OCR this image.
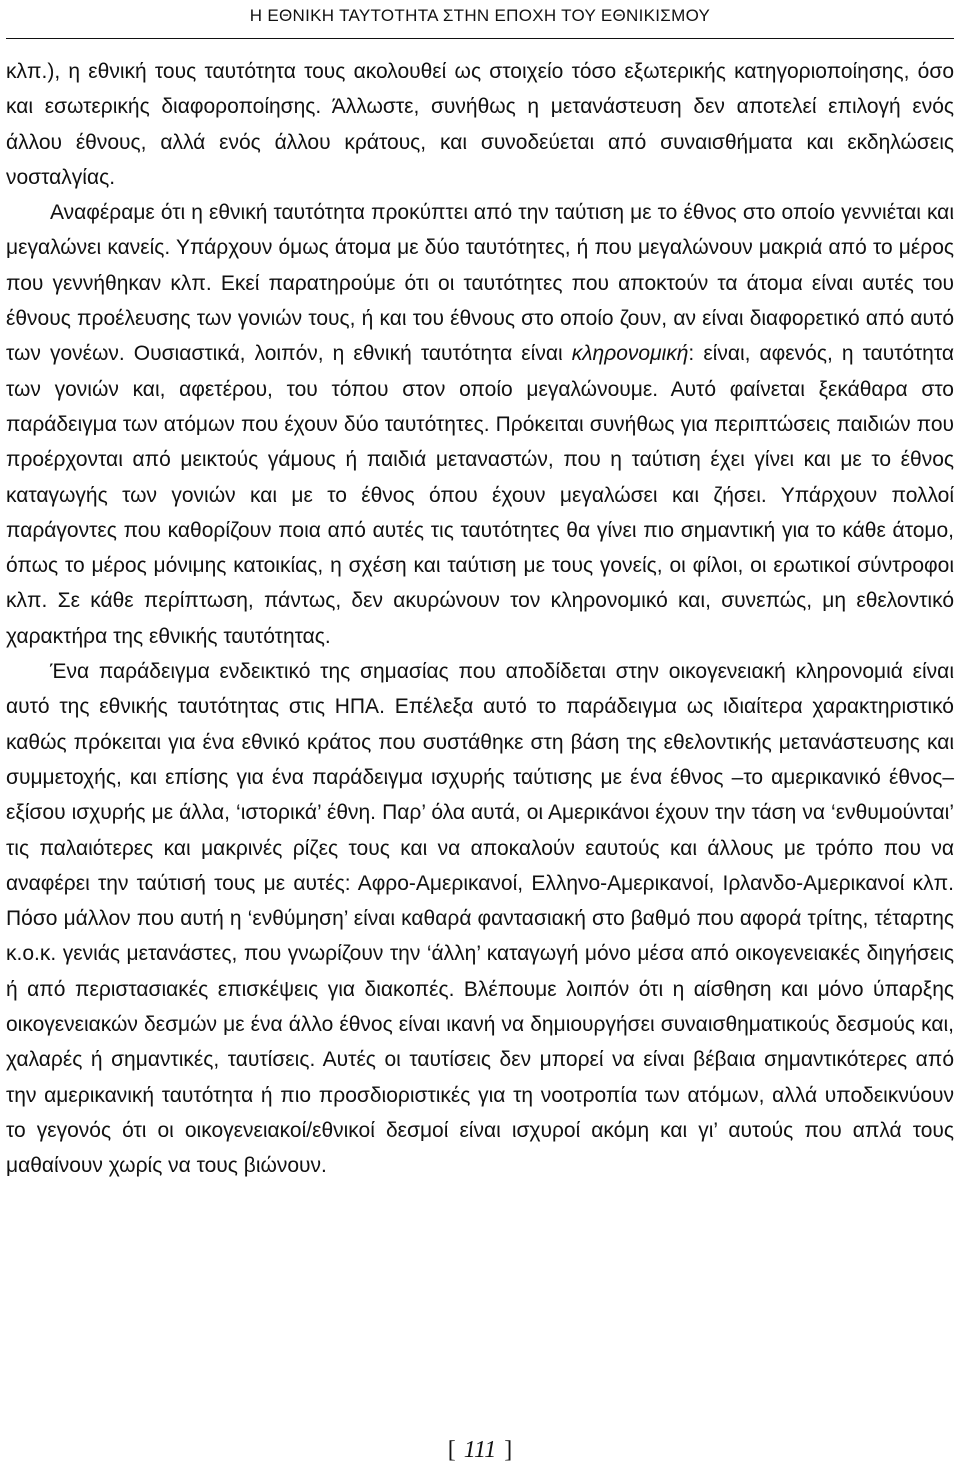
Η ΕΘΝΙΚΗ ΤΑΥΤΟΤΗΤΑ ΣΤΗΝ ΕΠΟΧΗ ΤΟΥ ΕΘΝΙΚΙΣΜΟΥ

κλπ.), η εθνική τους ταυτότητα τους ακολουθεί ως στοιχείο τόσο εξωτερικής κατηγοριοποίησης, όσο και εσωτερικής διαφοροποίησης. Άλλωστε, συνήθως η μετανάστευση δεν αποτελεί επιλογή ενός άλλου έθνους, αλλά ενός άλλου κράτους, και συνοδεύεται από συναισθήματα και εκδηλώσεις νοσταλγίας.

Αναφέραμε ότι η εθνική ταυτότητα προκύπτει από την ταύτιση με το έθνος στο οποίο γεννιέται και μεγαλώνει κανείς. Υπάρχουν όμως άτομα με δύο ταυτότητες, ή που μεγαλώνουν μακριά από το μέρος που γεννήθηκαν κλπ. Εκεί παρατηρούμε ότι οι ταυτότητες που αποκτούν τα άτομα είναι αυτές του έθνους προέλευσης των γονιών τους, ή και του έθνους στο οποίο ζουν, αν είναι διαφορετικό από αυτό των γονέων. Ουσιαστικά, λοιπόν, η εθνική ταυτότητα είναι κληρονομική: είναι, αφενός, η ταυτότητα των γονιών και, αφετέρου, του τόπου στον οποίο μεγαλώνουμε. Αυτό φαίνεται ξεκάθαρα στο παράδειγμα των ατόμων που έχουν δύο ταυτότητες. Πρόκειται συνήθως για περιπτώσεις παιδιών που προέρχονται από μεικτούς γάμους ή παιδιά μεταναστών, που η ταύτιση έχει γίνει και με το έθνος καταγωγής των γονιών και με το έθνος όπου έχουν μεγαλώσει και ζήσει. Υπάρχουν πολλοί παράγοντες που καθορίζουν ποια από αυτές τις ταυτότητες θα γίνει πιο σημαντική για το κάθε άτομο, όπως το μέρος μόνιμης κατοικίας, η σχέση και ταύτιση με τους γονείς, οι φίλοι, οι ερωτικοί σύντροφοι κλπ. Σε κάθε περίπτωση, πάντως, δεν ακυρώνουν τον κληρονομικό και, συνεπώς, μη εθελοντικό χαρακτήρα της εθνικής ταυτότητας.

Ένα παράδειγμα ενδεικτικό της σημασίας που αποδίδεται στην οικογενειακή κληρονομιά είναι αυτό της εθνικής ταυτότητας στις ΗΠΑ. Επέλεξα αυτό το παράδειγμα ως ιδιαίτερα χαρακτηριστικό καθώς πρόκειται για ένα εθνικό κράτος που συστάθηκε στη βάση της εθελοντικής μετανάστευσης και συμμετοχής, και επίσης για ένα παράδειγμα ισχυρής ταύτισης με ένα έθνος –το αμερικανικό έθνος– εξίσου ισχυρής με άλλα, ‘ιστορικά’ έθνη. Παρ’ όλα αυτά, οι Αμερικάνοι έχουν την τάση να ‘ενθυμούνται’ τις παλαιότερες και μακρινές ρίζες τους και να αποκαλούν εαυτούς και άλλους με τρόπο που να αναφέρει την ταύτισή τους με αυτές: Αφρο-Αμερικανοί, Ελληνο-Αμερικανοί, Ιρλανδο-Αμερικανοί κλπ. Πόσο μάλλον που αυτή η ‘ενθύμηση’ είναι καθαρά φαντασιακή στο βαθμό που αφορά τρίτης, τέταρτης κ.ο.κ. γενιάς μετανάστες, που γνωρίζουν την ‘άλλη’ καταγωγή μόνο μέσα από οικογενειακές διηγήσεις ή από περιστασιακές επισκέψεις για διακοπές. Βλέπουμε λοιπόν ότι η αίσθηση και μόνο ύπαρξης οικογενειακών δεσμών με ένα άλλο έθνος είναι ικανή να δημιουργήσει συναισθηματικούς δεσμούς και, χαλαρές ή σημαντικές, ταυτίσεις. Αυτές οι ταυτίσεις δεν μπορεί να είναι βέβαια σημαντικότερες από την αμερικανική ταυτότητα ή πιο προσδιοριστικές για τη νοοτροπία των ατόμων, αλλά υποδεικνύουν το γεγονός ότι οι οικογενειακοί/εθνικοί δεσμοί είναι ισχυροί ακόμη και γι’ αυτούς που απλά τους μαθαίνουν χωρίς να τους βιώνουν.

[ 111 ]
